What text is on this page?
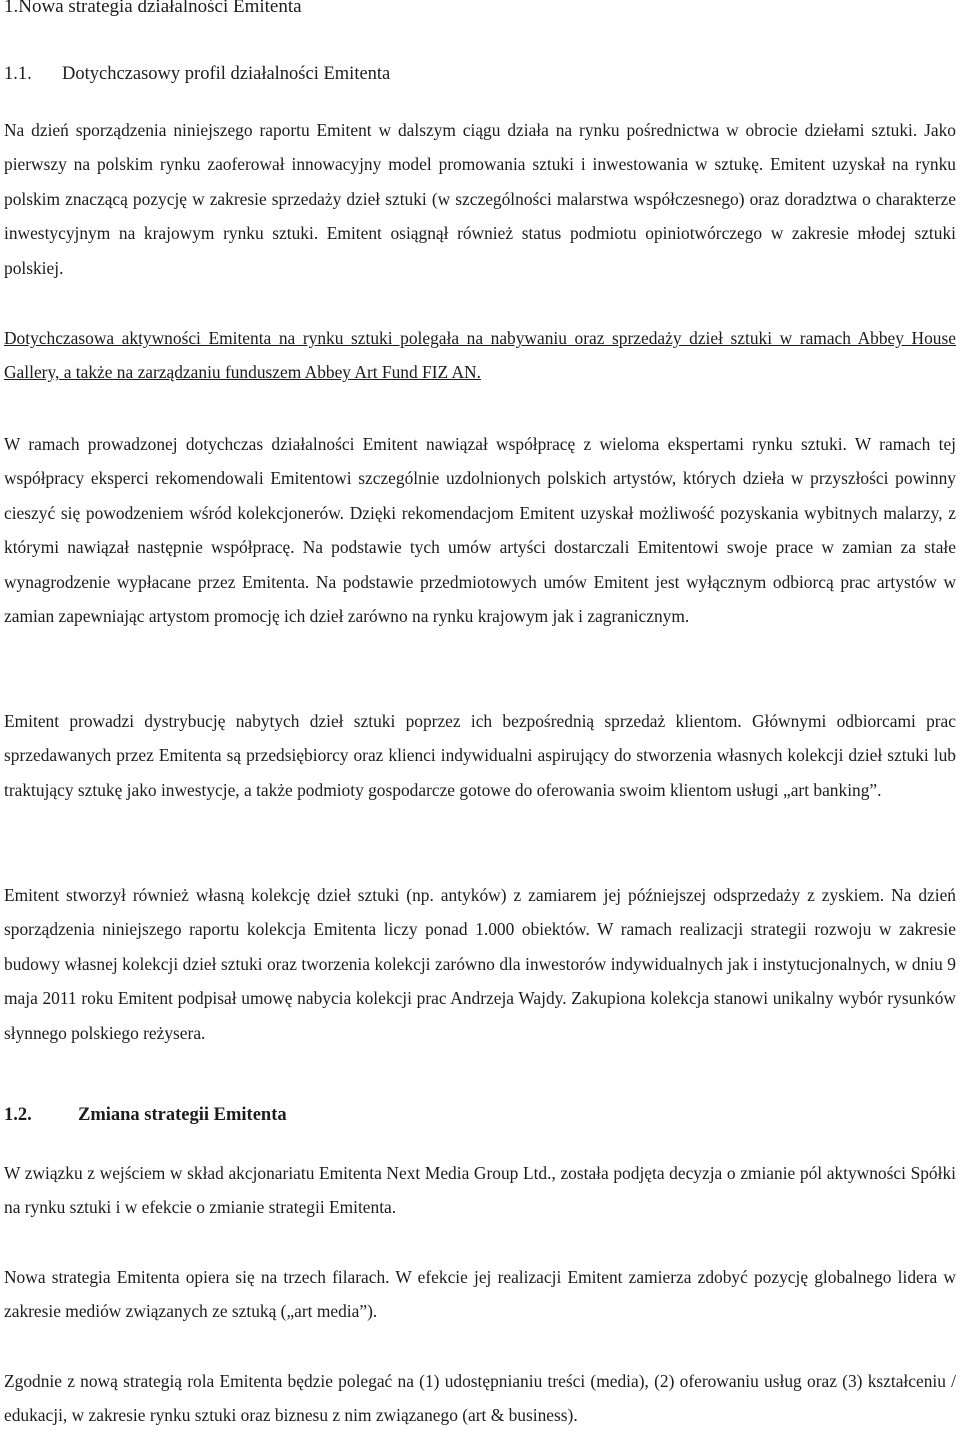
1.Nowa strategia działalności Emitenta
1.1. Dotychczasowy profil działalności Emitenta

Na dzień sporządzenia niniejszego raportu Emitent w dalszym ciągu działa na rynku pośrednictwa w obrocie dziełami sztuki. Jako pierwszy na polskim rynku zaoferował innowacyjny model promowania sztuki i inwestowania w sztukę. Emitent uzyskał na rynku polskim znaczącą pozycję w zakresie sprzedaży dzieł sztuki (w szczególności malarstwa współczesnego) oraz doradztwa o charakterze inwestycyjnym na krajowym rynku sztuki. Emitent osiągnął również status podmiotu opiniotwórczego w zakresie młodej sztuki polskiej.

Dotychczasowa aktywności Emitenta na rynku sztuki polegała na nabywaniu oraz sprzedaży dzieł sztuki w ramach Abbey House Gallery, a także na zarządzaniu funduszem Abbey Art Fund FIZ AN.

W ramach prowadzonej dotychczas działalności Emitent nawiązał współpracę z wieloma ekspertami rynku sztuki. W ramach tej współpracy eksperci rekomendowali Emitentowi szczególnie uzdolnionych polskich artystów, których dzieła w przyszłości powinny cieszyć się powodzeniem wśród kolekcjonerów. Dzięki rekomendacjom Emitent uzyskał możliwość pozyskania wybitnych malarzy, z którymi nawiązał następnie współpracę. Na podstawie tych umów artyści dostarczali Emitentowi swoje prace w zamian za stałe wynagrodzenie wypłacane przez Emitenta. Na podstawie przedmiotowych umów Emitent jest wyłącznym odbiorcą prac artystów w zamian zapewniając artystom promocję ich dzieł zarówno na rynku krajowym jak i zagranicznym.

Emitent prowadzi dystrybucję nabytych dzieł sztuki poprzez ich bezpośrednią sprzedaż klientom. Głównymi odbiorcami prac sprzedawanych przez Emitenta są przedsiębiorcy oraz klienci indywidualni aspirujący do stworzenia własnych kolekcji dzieł sztuki lub traktujący sztukę jako inwestycje, a także podmioty gospodarcze gotowe do oferowania swoim klientom usługi „art banking”.

Emitent stworzył również własną kolekcję dzieł sztuki (np. antyków) z zamiarem jej późniejszej odsprzedaży z zyskiem. Na dzień sporządzenia niniejszego raportu kolekcja Emitenta liczy ponad 1.000 obiektów. W ramach realizacji strategii rozwoju w zakresie budowy własnej kolekcji dzieł sztuki oraz tworzenia kolekcji zarówno dla inwestorów indywidualnych jak i instytucjonalnych, w dniu 9 maja 2011 roku Emitent podpisał umowę nabycia kolekcji prac Andrzeja Wajdy. Zakupiona kolekcja stanowi unikalny wybór rysunków słynnego polskiego reżysera.

1.2.	Zmiana strategii Emitenta

W związku z wejściem w skład akcjonariatu Emitenta Next Media Group Ltd., została podjęta decyzja o zmianie pól aktywności Spółki na rynku sztuki i w efekcie o zmianie strategii Emitenta.

Nowa strategia Emitenta opiera się na trzech filarach. W efekcie jej realizacji Emitent zamierza zdobyć pozycję globalnego lidera w zakresie mediów związanych ze sztuką („art media”).

Zgodnie z nową strategią rola Emitenta będzie polegać na (1) udostępnianiu treści (media), (2) oferowaniu usług oraz (3) kształceniu / edukacji, w zakresie rynku sztuki oraz biznesu z nim związanego (art & business).
